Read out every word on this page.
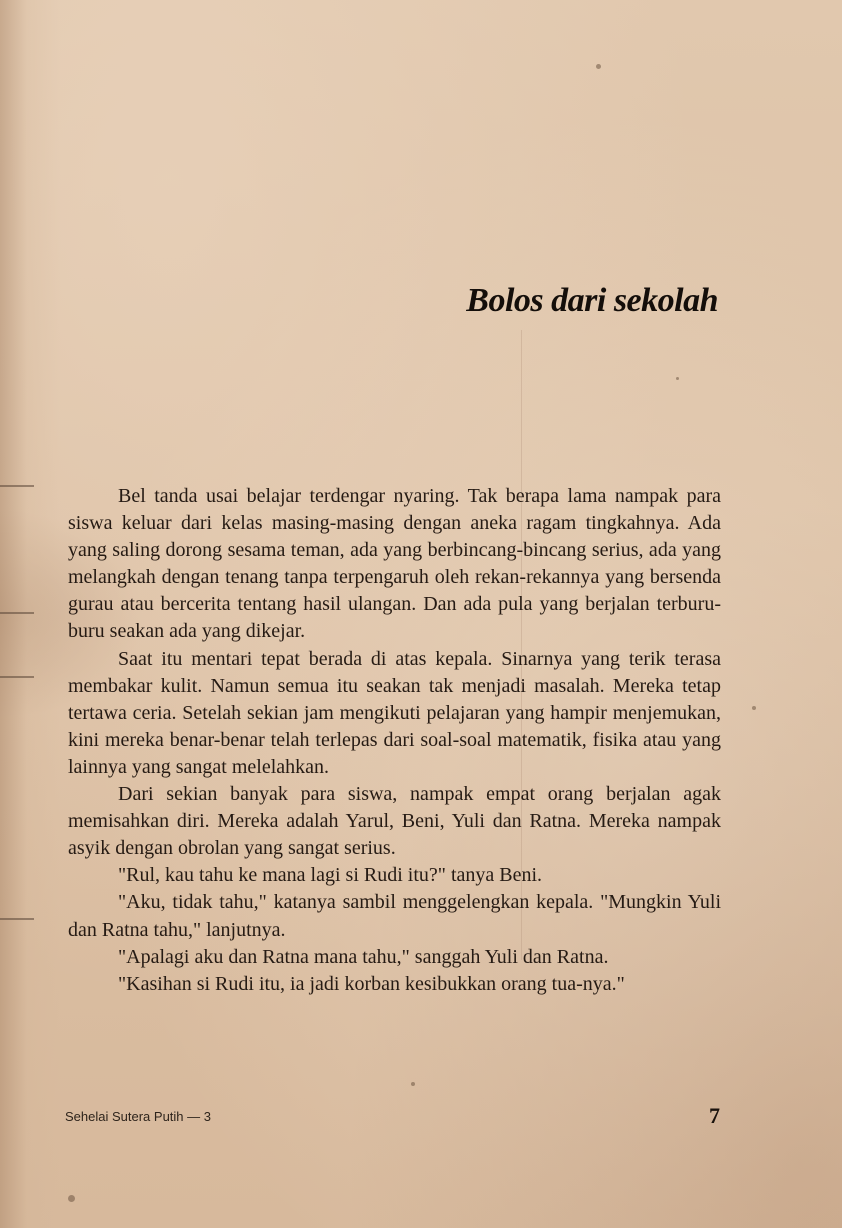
Bolos dari sekolah

Bel tanda usai belajar terdengar nyaring. Tak berapa lama nampak para siswa keluar dari kelas masing-masing dengan aneka ragam tingkahnya. Ada yang saling dorong sesama teman, ada yang berbincang-bincang serius, ada yang melangkah dengan tenang tanpa terpengaruh oleh rekan-rekannya yang bersenda gurau atau bercerita tentang hasil ulangan. Dan ada pula yang berjalan terburu-buru seakan ada yang dikejar.

Saat itu mentari tepat berada di atas kepala. Sinarnya yang terik terasa membakar kulit. Namun semua itu seakan tak menjadi masalah. Mereka tetap tertawa ceria. Setelah sekian jam mengikuti pelajaran yang hampir menjemukan, kini mereka benar-benar telah terlepas dari soal-soal matematik, fisika atau yang lainnya yang sangat melelahkan.

Dari sekian banyak para siswa, nampak empat orang berjalan agak memisahkan diri. Mereka adalah Yarul, Beni, Yuli dan Ratna. Mereka nampak asyik dengan obrolan yang sangat serius.

"Rul, kau tahu ke mana lagi si Rudi itu?" tanya Beni.

"Aku, tidak tahu," katanya sambil menggelengkan kepala. "Mungkin Yuli dan Ratna tahu," lanjutnya.

"Apalagi aku dan Ratna mana tahu," sanggah Yuli dan Ratna.

"Kasihan si Rudi itu, ia jadi korban kesibukkan orang tua-nya."

Sehelai Sutera Putih — 3	7
